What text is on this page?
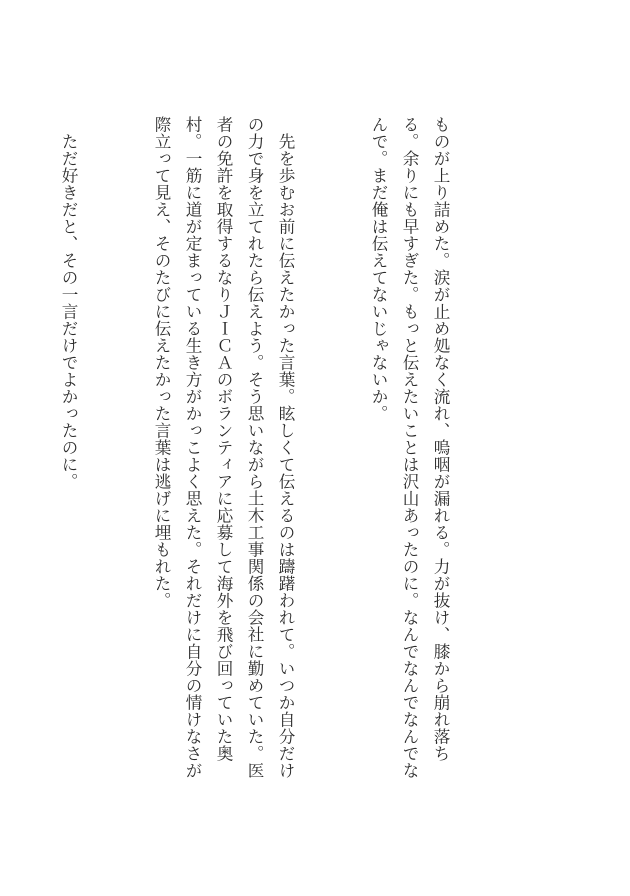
ものが上り詰めた。涙が止め処なく流れ、嗚咽が漏れる。力が抜け、膝から崩れ落ちる。余りにも早すぎた。もっと伝えたいことは沢山あったのに。なんでなんでなんでなんで。まだ俺は伝えてないじゃないか。

　先を歩むお前に伝えたかった言葉。眩しくて伝えるのは躊躇われて。いつか自分だけの力で身を立てれたら伝えよう。そう思いながら土木工事関係の会社に勤めていた。医者の免許を取得するなりＪＩＣＡのボランティアに応募して海外を飛び回っていた奥村。一筋に道が定まっている生き方がかっこよく思えた。それだけに自分の情けなさが際立って見え、そのたびに伝えたかった言葉は逃げに埋もれた。

　ただ好きだと、その一言だけでよかったのに。
